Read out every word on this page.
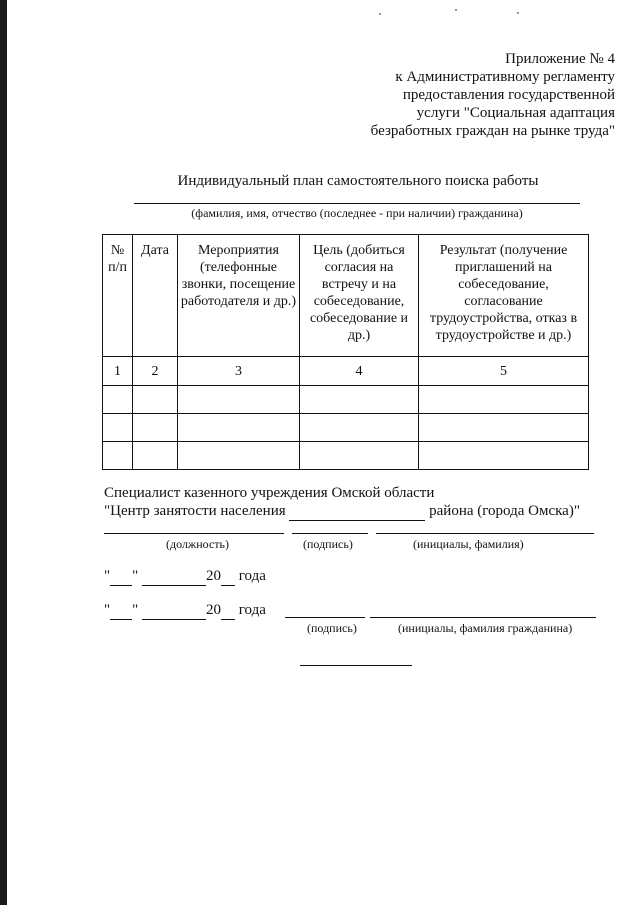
Приложение № 4
к Административному регламенту
предоставления государственной
услуги "Социальная адаптация
безработных граждан на рынке труда"
Индивидуальный план самостоятельного поиска работы
(фамилия, имя, отчество (последнее - при наличии) гражданина)
№ п/п	Дата	Мероприятия (телефонные звонки, посещение работодателя и др.)	Цель (добиться согласия на встречу и на собеседование, собеседование и др.)	Результат (получение приглашений на собеседование, согласование трудоустройства, отказ в трудоустройстве и др.)
1	2	3	4	5

Специалист казенного учреждения Омской области
"Центр занятости населения	района (города Омска)"
(должность)	(подпись)	(инициалы, фамилия)
" "	20 года
" "	20 года
(подпись)	(инициалы, фамилия гражданина)
